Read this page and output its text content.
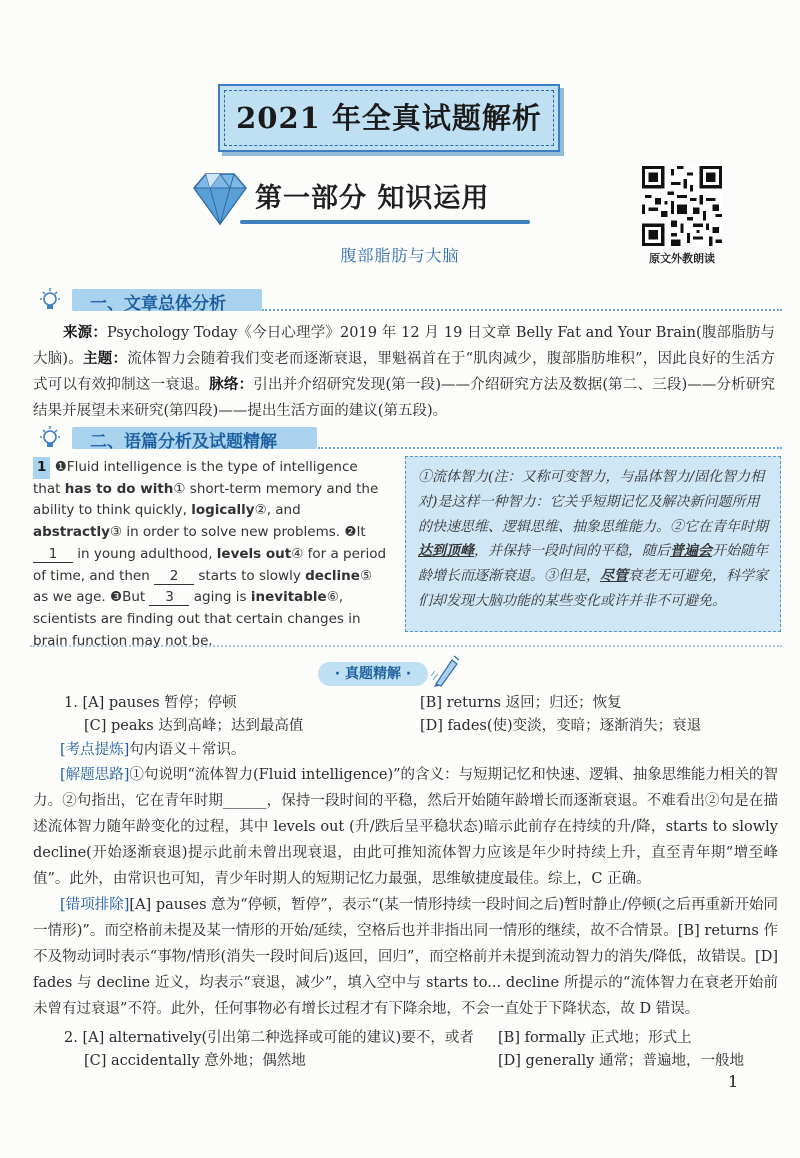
2021 年全真试题解析
第一部分 知识运用
原文外教朗读
腹部脂肪与大脑
一、文章总体分析
来源：Psychology Today《今日心理学》2019 年 12 月 19 日文章 Belly Fat and Your Brain(腹部脂肪与大脑)。主题：流体智力会随着我们变老而逐渐衰退，罪魁祸首在于“肌肉减少，腹部脂肪堆积”，因此良好的生活方式可以有效抑制这一衰退。脉络：引出并介绍研究发现(第一段)——介绍研究方法及数据(第二、三段)——分析研究结果并展望未来研究(第四段)——提出生活方面的建议(第五段)。
二、语篇分析及试题精解
1 ❶Fluid intelligence is the type of intelligence that has to do with① short-term memory and the ability to think quickly, logically②, and abstractly③ in order to solve new problems. ❷It 1 in young adulthood, levels out④ for a period of time, and then 2 starts to slowly decline⑤ as we age. ❸But 3 aging is inevitable⑥, scientists are finding out that certain changes in brain function may not be.
①流体智力(注：又称可变智力，与晶体智力/固化智力相对)是这样一种智力：它关乎短期记忆及解决新问题所用的快速思维、逻辑思维、抽象思维能力。②它在青年时期达到顶峰，并保持一段时间的平稳，随后普遍会开始随年龄增长而逐渐衰退。③但是，尽管衰老无可避免，科学家们却发现大脑功能的某些变化或许并非不可避免。
· 真题精解 ·
1. [A] pauses 暂停；停顿	[B] returns 返回；归还；恢复
[C] peaks 达到高峰；达到最高值	[D] fades(使)变淡，变暗；逐渐消失；衰退
[考点提炼]句内语义＋常识。
[解题思路]①句说明“流体智力(Fluid intelligence)”的含义：与短期记忆和快速、逻辑、抽象思维能力相关的智力。②句指出，它在青年时期______，保持一段时间的平稳，然后开始随年龄增长而逐渐衰退。不难看出②句是在描述流体智力随年龄变化的过程，其中 levels out (升/跌后呈平稳状态)暗示此前存在持续的升/降，starts to slowly decline(开始逐渐衰退)提示此前未曾出现衰退，由此可推知流体智力应该是年少时持续上升，直至青年期“增至峰值”。此外，由常识也可知，青少年时期人的短期记忆力最强，思维敏捷度最佳。综上，C 正确。
[错项排除][A] pauses 意为“停顿，暂停”，表示“(某一情形持续一段时间之后)暂时静止/停顿(之后再重新开始同一情形)”。而空格前未提及某一情形的开始/延续，空格后也并非指出同一情形的继续，故不合情景。[B] returns 作不及物动词时表示“事物/情形(消失一段时间后)返回，回归”，而空格前并未提到流动智力的消失/降低，故错误。[D] fades 与 decline 近义，均表示“衰退，减少”，填入空中与 starts to... decline 所提示的“流体智力在衰老开始前未曾有过衰退”不符。此外，任何事物必有增长过程才有下降余地，不会一直处于下降状态，故 D 错误。
2. [A] alternatively(引出第二种选择或可能的建议)要不，或者 [B] formally 正式地；形式上
[C] accidentally 意外地；偶然地	[D] generally 通常；普遍地，一般地
1
